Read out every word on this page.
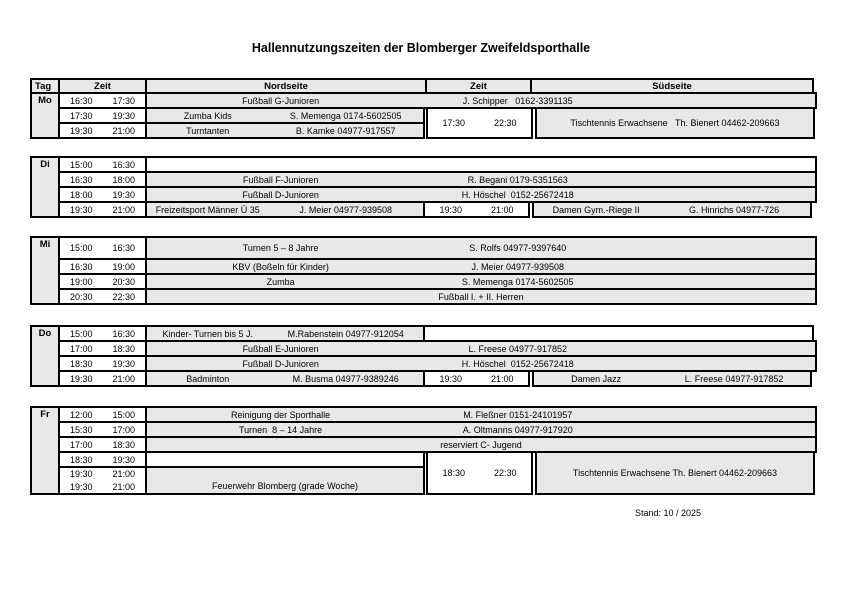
Hallennutzungszeiten der Blomberger Zweifeldsporthalle
Tag	Zeit	Nordseite	Zeit	Südseite
Mo	16:30	17:30	Fußball G-Junioren	J. Schipper   0162-3391135
17:30	19:30	Zumba Kids	S. Memenga 0174-5602505
19:30	21:00	Turntanten	B. Kamke 04977-917557
17:30	22:30	Tischtennis Erwachsene   Th. Bienert 04462-209663
Di	15:00	16:30
16:30	18:00	Fußball F-Junioren	R. Begani 0179-5351563
18:00	19:30	Fußball D-Junioren	H. Höschel  0152-25672418
19:30	21:00	Freizeitsport Männer Ü 35	J. Meier 04977-939508	19:30	21:00	Damen Gym.-Riege II	G. Hinrichs 04977-726
Mi	15:00	16:30	Turnen 5 – 8 Jahre	S. Rolfs 04977-9397640
16:30	19:00	KBV (Boßeln für Kinder)	J. Meier 04977-939508
19:00	20:30	Zumba	S. Memenga 0174-5602505
20:30	22:30	Fußball I. + II. Herren
Do	15:00	16:30	Kinder- Turnen bis 5 J.	M.Rabenstein 04977-912054
17:00	18:30	Fußball E-Junioren	L. Freese 04977-917852
18:30	19:30	Fußball D-Junioren	H. Höschel  0152-25672418
19:30	21:00	Badminton	M. Busma 04977-9389246	19:30	21:00	Damen Jazz	L. Freese 04977-917852
Fr	12:00	15:00	Reinigung der Sporthalle	M. Fleßner 0151-24101957
15:30	17:00	Turnen  8 – 14 Jahre	A. Oltmanns 04977-917920
17:00	18:30	reserviert C- Jugend
18:30	19:30
19:30	21:00
19:30	21:00	Feuerwehr Blomberg (grade Woche)
18:30	22:30	Tischtennis Erwachsene Th. Bienert 04462-209663
Stand: 10 / 2025
